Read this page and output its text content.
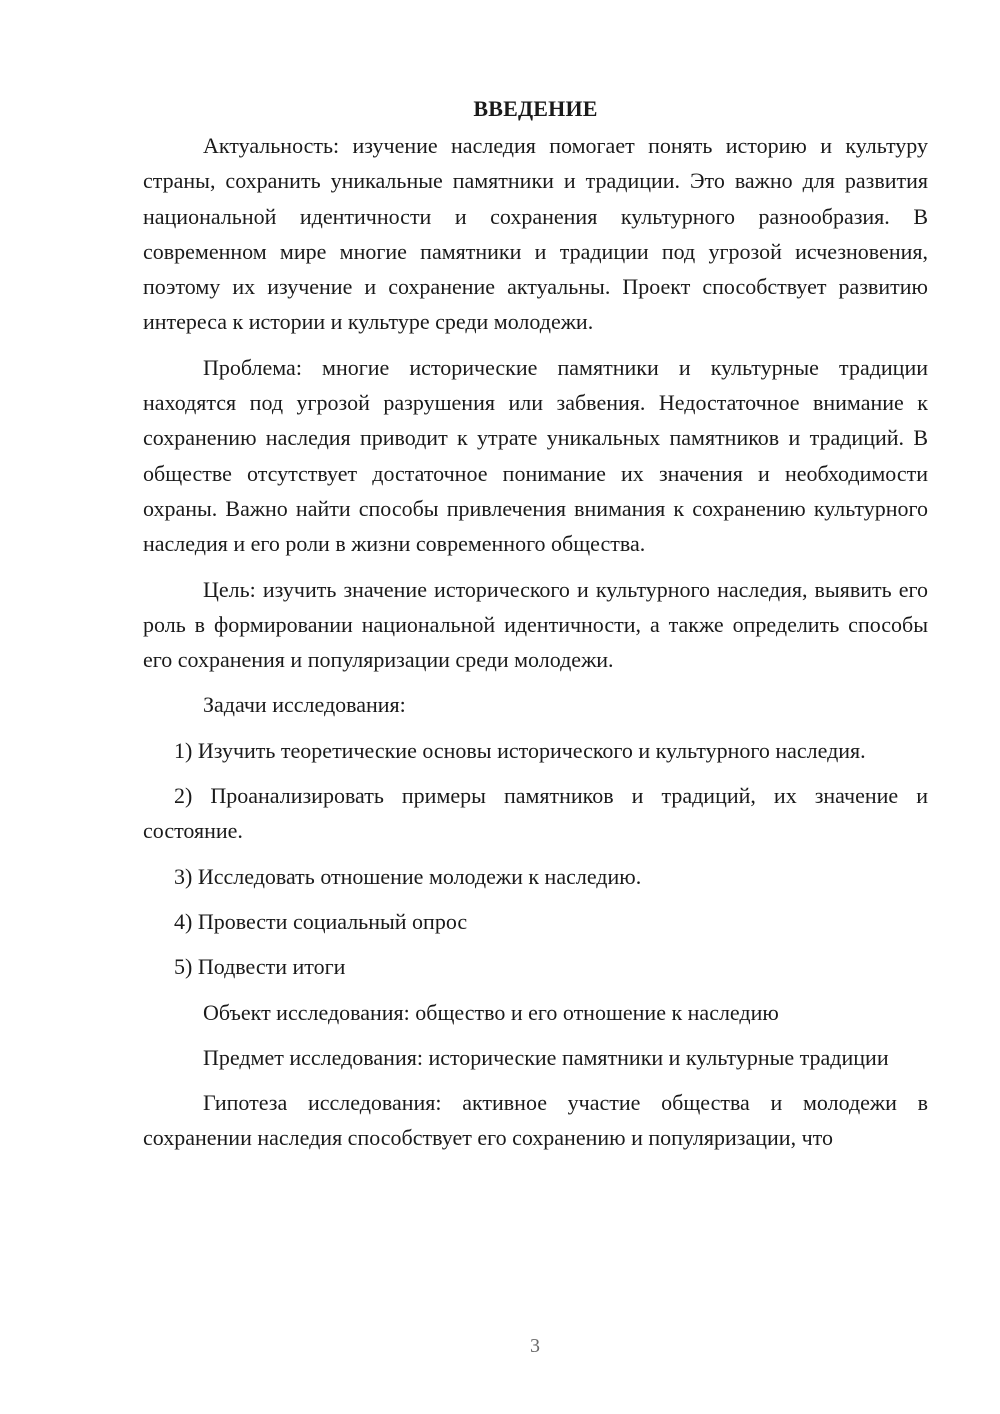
ВВЕДЕНИЕ

Актуальность: изучение наследия помогает понять историю и культуру страны, сохранить уникальные памятники и традиции. Это важно для развития национальной идентичности и сохранения культурного разнообразия. В современном мире многие памятники и традиции под угрозой исчезновения, поэтому их изучение и сохранение актуальны. Проект способствует развитию интереса к истории и культуре среди молодежи.

Проблема: многие исторические памятники и культурные традиции находятся под угрозой разрушения или забвения. Недостаточное внимание к сохранению наследия приводит к утрате уникальных памятников и традиций. В обществе отсутствует достаточное понимание их значения и необходимости охраны. Важно найти способы привлечения внимания к сохранению культурного наследия и его роли в жизни современного общества.

Цель: изучить значение исторического и культурного наследия, выявить его роль в формировании национальной идентичности, а также определить способы его сохранения и популяризации среди молодежи.

Задачи исследования:

1) Изучить теоретические основы исторического и культурного наследия.

2) Проанализировать примеры памятников и традиций, их значение и состояние.

3) Исследовать отношение молодежи к наследию.

4) Провести социальный опрос

5) Подвести итоги

Объект исследования: общество и его отношение к наследию

Предмет исследования: исторические памятники и культурные традиции

Гипотеза исследования: активное участие общества и молодежи в сохранении наследия способствует его сохранению и популяризации, что

3
